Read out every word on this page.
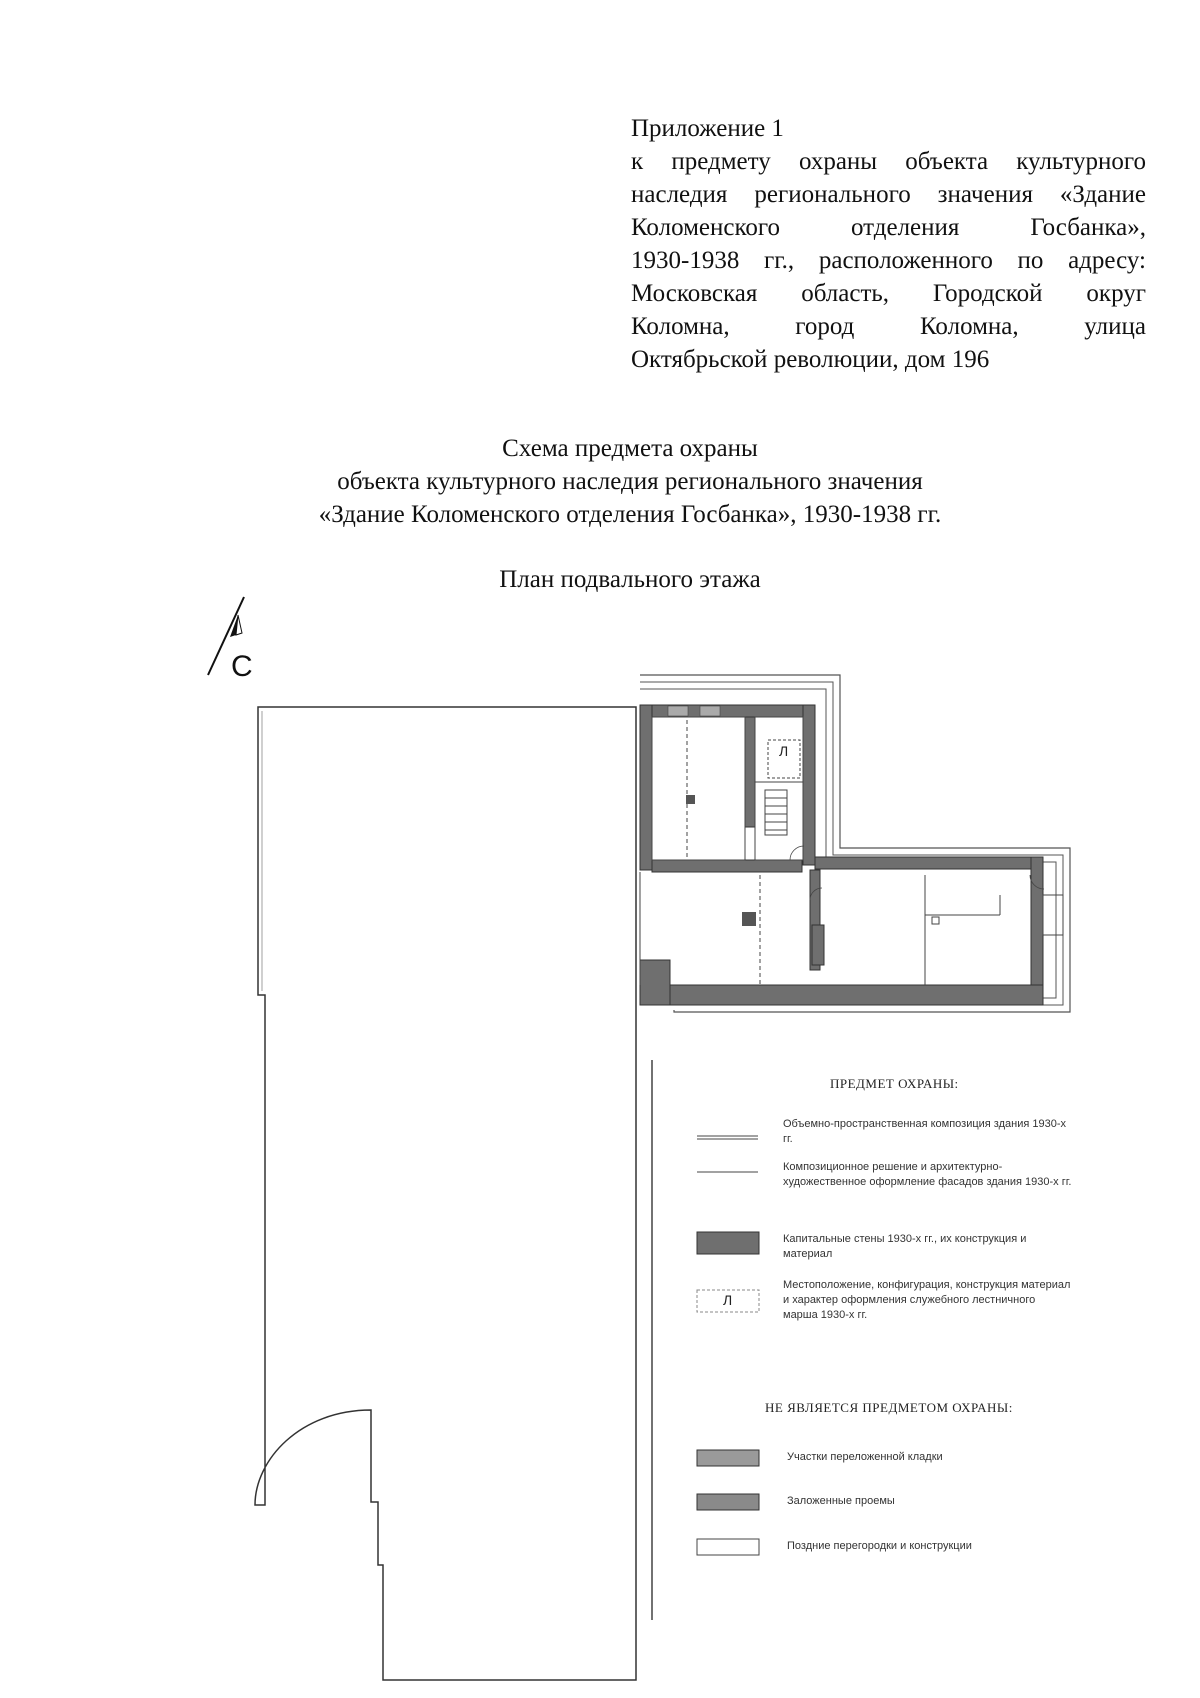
Приложение 1
к предмету охраны объекта культурного
наследия регионального значения «Здание
Коломенского отделения Госбанка»,
1930-1938 гг., расположенного по адресу:
Московская область, Городской округ
Коломна, город Коломна, улица
Октябрьской революции, дом 196
Схема предмета охраны
объекта культурного наследия регионального значения
«Здание Коломенского отделения Госбанка», 1930-1938 гг.
План подвального этажа
С
Л
ПРЕДМЕТ ОХРАНЫ:
Объемно-пространственная композиция здания 1930-х гг.
Композиционное решение и архитектурно-художественное оформление фасадов здания 1930-х гг.
Капитальные стены 1930-х гг., их конструкция и материал
Л
Местоположение, конфигурация, конструкция материал и характер оформления служебного лестничного марша 1930-х гг.
НЕ ЯВЛЯЕТСЯ ПРЕДМЕТОМ ОХРАНЫ:
Участки переложенной кладки
Заложенные проемы
Поздние перегородки и конструкции
